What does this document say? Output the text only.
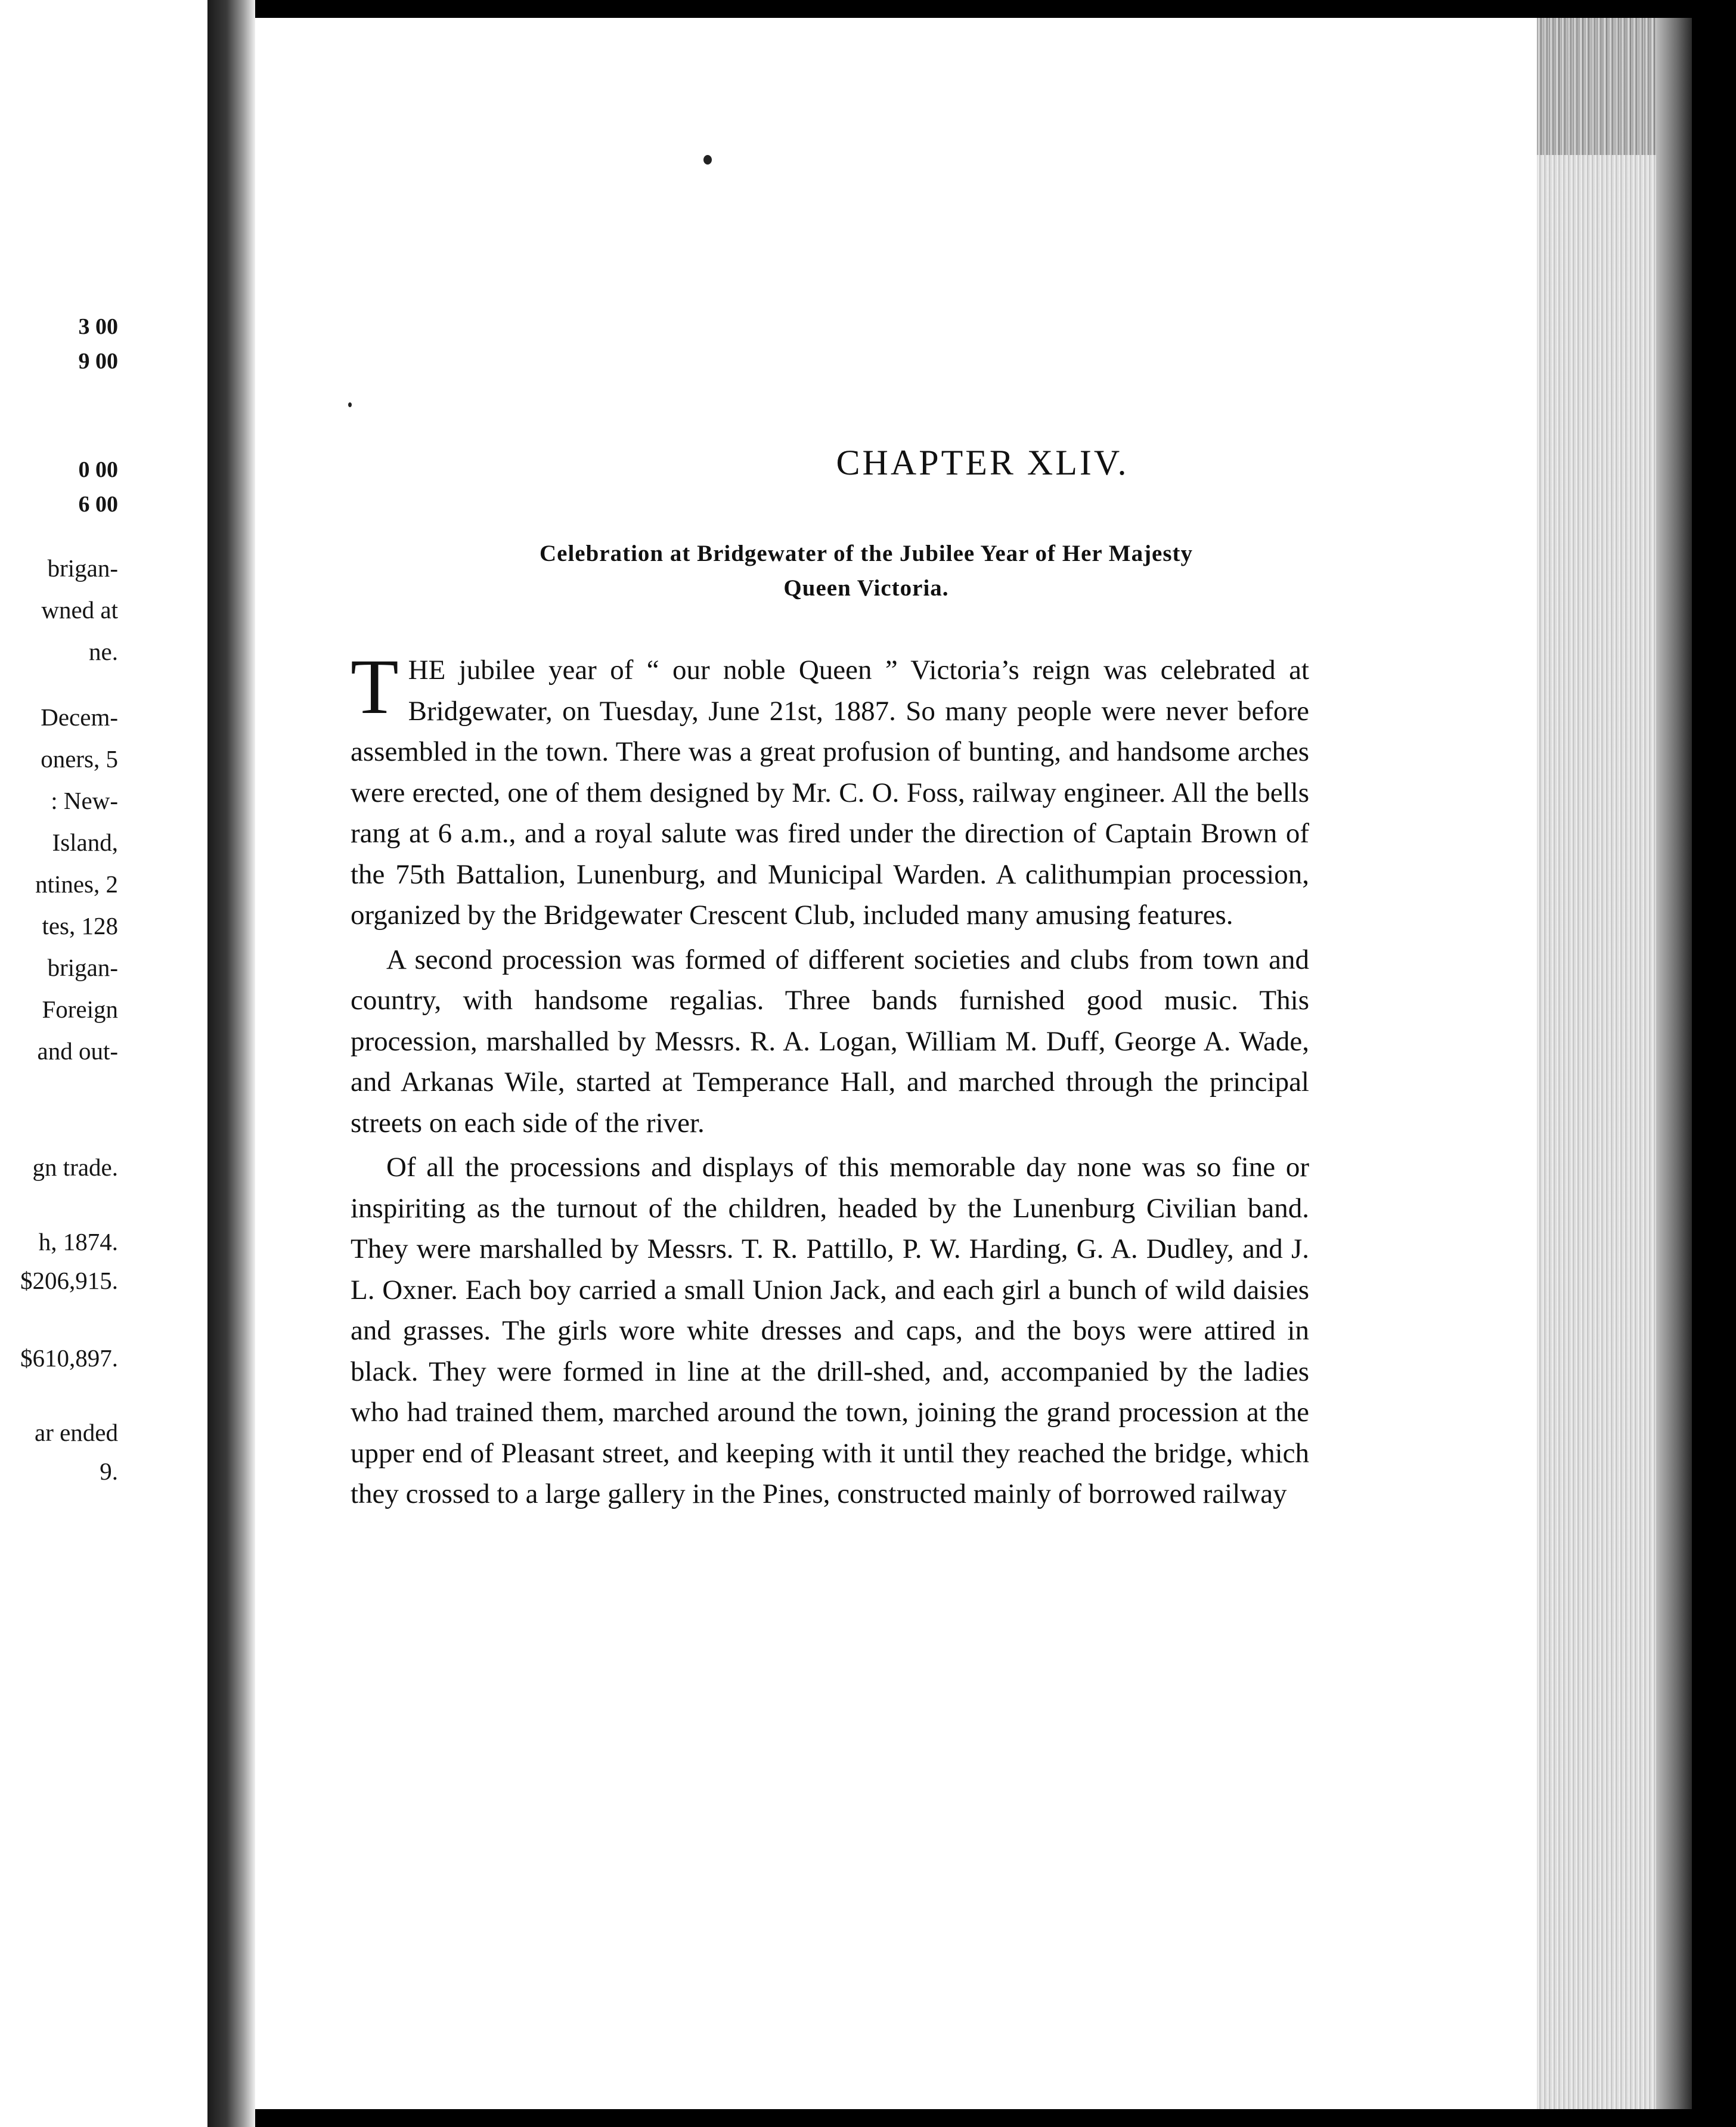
3 00
9 00
0 00
6 00
brigan-
wned at
ne.
Decem-
oners, 5
: New-
Island,
ntines, 2
tes, 128
brigan-
Foreign
and out-
gn trade.
h, 1874.
$206,915.
$610,897.
ar ended
9.
CHAPTER XLIV.
Celebration at Bridgewater of the Jubilee Year of Her Majesty
Queen Victoria.

THE jubilee year of “ our noble Queen ” Victoria’s reign was celebrated at Bridgewater, on Tuesday, June 21st, 1887. So many people were never before assembled in the town. There was a great profusion of bunting, and handsome arches were erected, one of them designed by Mr. C. O. Foss, railway engineer. All the bells rang at 6 a.m., and a royal salute was fired under the direction of Captain Brown of the 75th Battalion, Lunenburg, and Municipal Warden. A calithumpian procession, organized by the Bridgewater Crescent Club, included many amusing features.

A second procession was formed of different societies and clubs from town and country, with handsome regalias. Three bands furnished good music. This procession, marshalled by Messrs. R. A. Logan, William M. Duff, George A. Wade, and Arkanas Wile, started at Temperance Hall, and marched through the principal streets on each side of the river.

Of all the processions and displays of this memorable day none was so fine or inspiriting as the turnout of the children, headed by the Lunenburg Civilian band. They were marshalled by Messrs. T. R. Pattillo, P. W. Harding, G. A. Dudley, and J. L. Oxner. Each boy carried a small Union Jack, and each girl a bunch of wild daisies and grasses. The girls wore white dresses and caps, and the boys were attired in black. They were formed in line at the drill-shed, and, accompanied by the ladies who had trained them, marched around the town, joining the grand procession at the upper end of Pleasant street, and keeping with it until they reached the bridge, which they crossed to a large gallery in the Pines, constructed mainly of borrowed railway
